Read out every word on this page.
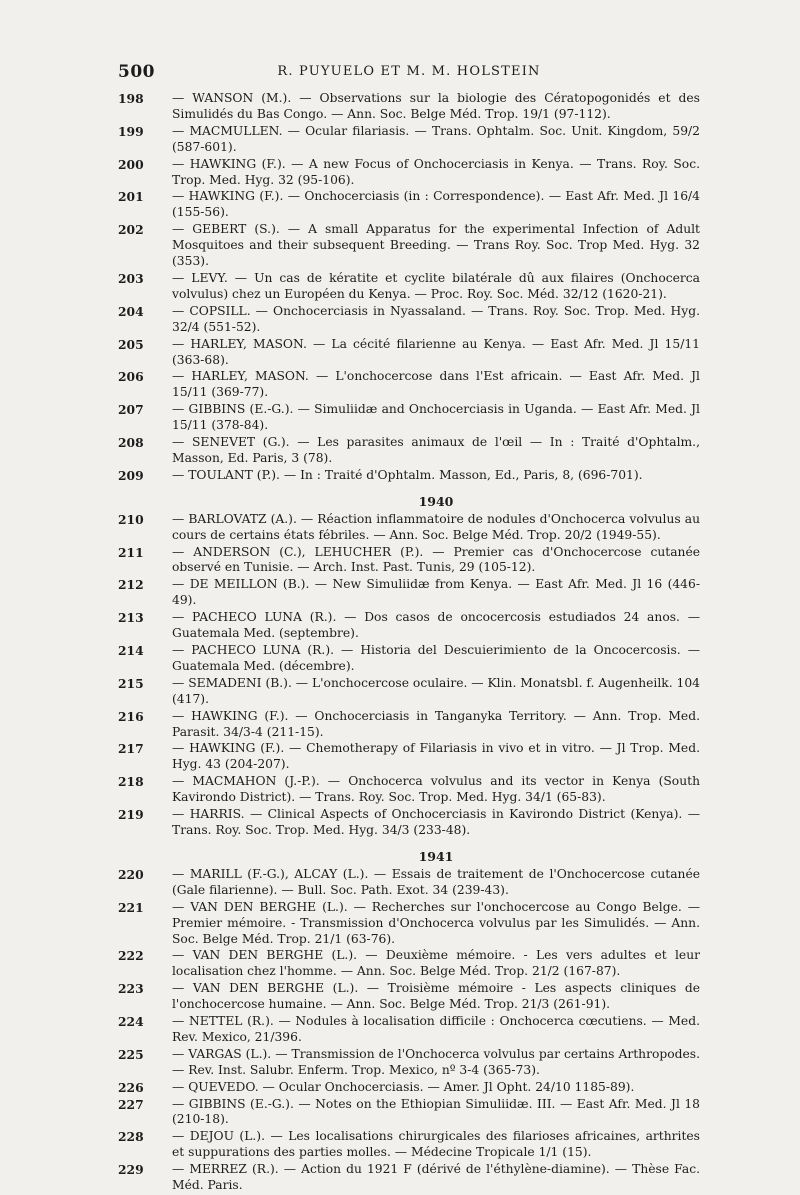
500	R. PUYUELO ET M. M. HOLSTEIN
198 — WANSON (M.). — Observations sur la biologie des Cératopogonidés et des Simulidés du Bas Congo. — Ann. Soc. Belge Méd. Trop. 19/1 (97-112).
199 — MACMULLEN. — Ocular filariasis. — Trans. Ophtalm. Soc. Unit. Kingdom, 59/2 (587-601).
200 — HAWKING (F.). — A new Focus of Onchocerciasis in Kenya. — Trans. Roy. Soc. Trop. Med. Hyg. 32 (95-106).
201 — HAWKING (F.). — Onchocerciasis (in : Correspondence). — East Afr. Med. Jl 16/4 (155-56).
202 — GEBERT (S.). — A small Apparatus for the experimental Infection of Adult Mosquitoes and their subsequent Breeding. — Trans Roy. Soc. Trop Med. Hyg. 32 (353).
203 — LEVY. — Un cas de kératite et cyclite bilatérale dû aux filaires (Onchocerca volvulus) chez un Européen du Kenya. — Proc. Roy. Soc. Méd. 32/12 (1620-21).
204 — COPSILL. — Onchocerciasis in Nyassaland. — Trans. Roy. Soc. Trop. Med. Hyg. 32/4 (551-52).
205 — HARLEY, MASON. — La cécité filarienne au Kenya. — East Afr. Med. Jl 15/11 (363-68).
206 — HARLEY, MASON. — L'onchocercose dans l'Est africain. — East Afr. Med. Jl 15/11 (369-77).
207 — GIBBINS (E.-G.). — Simuliidæ and Onchocerciasis in Uganda. — East Afr. Med. Jl 15/11 (378-84).
208 — SENEVET (G.). — Les parasites animaux de l'œil — In : Traité d'Ophtalm., Masson, Ed. Paris, 3 (78).
209 — TOULANT (P.). — In : Traité d'Ophtalm. Masson, Ed., Paris, 8, (696-701).
1940
210 — BARLOVATZ (A.). — Réaction inflammatoire de nodules d'Onchocerca volvulus au cours de certains états fébriles. — Ann. Soc. Belge Méd. Trop. 20/2 (1949-55).
211 — ANDERSON (C.), LEHUCHER (P.). — Premier cas d'Onchocercose cutanée observé en Tunisie. — Arch. Inst. Past. Tunis, 29 (105-12).
212 — DE MEILLON (B.). — New Simuliidæ from Kenya. — East Afr. Med. Jl 16 (446-49).
213 — PACHECO LUNA (R.). — Dos casos de oncocercosis estudiados 24 anos. — Guatemala Med. (septembre).
214 — PACHECO LUNA (R.). — Historia del Descuierimiento de la Oncocercosis. — Guatemala Med. (décembre).
215 — SEMADENI (B.). — L'onchocercose oculaire. — Klin. Monatsbl. f. Augenheilk. 104 (417).
216 — HAWKING (F.). — Onchocerciasis in Tanganyka Territory. — Ann. Trop. Med. Parasit. 34/3-4 (211-15).
217 — HAWKING (F.). — Chemotherapy of Filariasis in vivo et in vitro. — Jl Trop. Med. Hyg. 43 (204-207).
218 — MACMAHON (J.-P.). — Onchocerca volvulus and its vector in Kenya (South Kavirondo District). — Trans. Roy. Soc. Trop. Med. Hyg. 34/1 (65-83).
219 — HARRIS. — Clinical Aspects of Onchocerciasis in Kavirondo District (Kenya). — Trans. Roy. Soc. Trop. Med. Hyg. 34/3 (233-48).
1941
220 — MARILL (F.-G.), ALCAY (L.). — Essais de traitement de l'Onchocercose cutanée (Gale filarienne). — Bull. Soc. Path. Exot. 34 (239-43).
221 — VAN DEN BERGHE (L.). — Recherches sur l'onchocercose au Congo Belge. — Premier mémoire. - Transmission d'Onchocerca volvulus par les Simulidés. — Ann. Soc. Belge Méd. Trop. 21/1 (63-76).
222 — VAN DEN BERGHE (L.). — Deuxième mémoire. - Les vers adultes et leur localisation chez l'homme. — Ann. Soc. Belge Méd. Trop. 21/2 (167-87).
223 — VAN DEN BERGHE (L.). — Troisième mémoire - Les aspects cliniques de l'onchocercose humaine. — Ann. Soc. Belge Méd. Trop. 21/3 (261-91).
224 — NETTEL (R.). — Nodules à localisation difficile : Onchocerca cœcutiens. — Med. Rev. Mexico, 21/396.
225 — VARGAS (L.). — Transmission de l'Onchocerca volvulus par certains Arthropodes. — Rev. Inst. Salubr. Enferm. Trop. Mexico, nº 3-4 (365-73).
226 — QUEVEDO. — Ocular Onchocerciasis. — Amer. Jl Opht. 24/10 1185-89).
227 — GIBBINS (E.-G.). — Notes on the Ethiopian Simuliidæ. III. — East Afr. Med. Jl 18 (210-18).
228 — DEJOU (L.). — Les localisations chirurgicales des filarioses africaines, arthrites et suppurations des parties molles. — Médecine Tropicale 1/1 (15).
229 — MERREZ (R.). — Action du 1921 F (dérivé de l'éthylène-diamine). — Thèse Fac. Méd. Paris.
